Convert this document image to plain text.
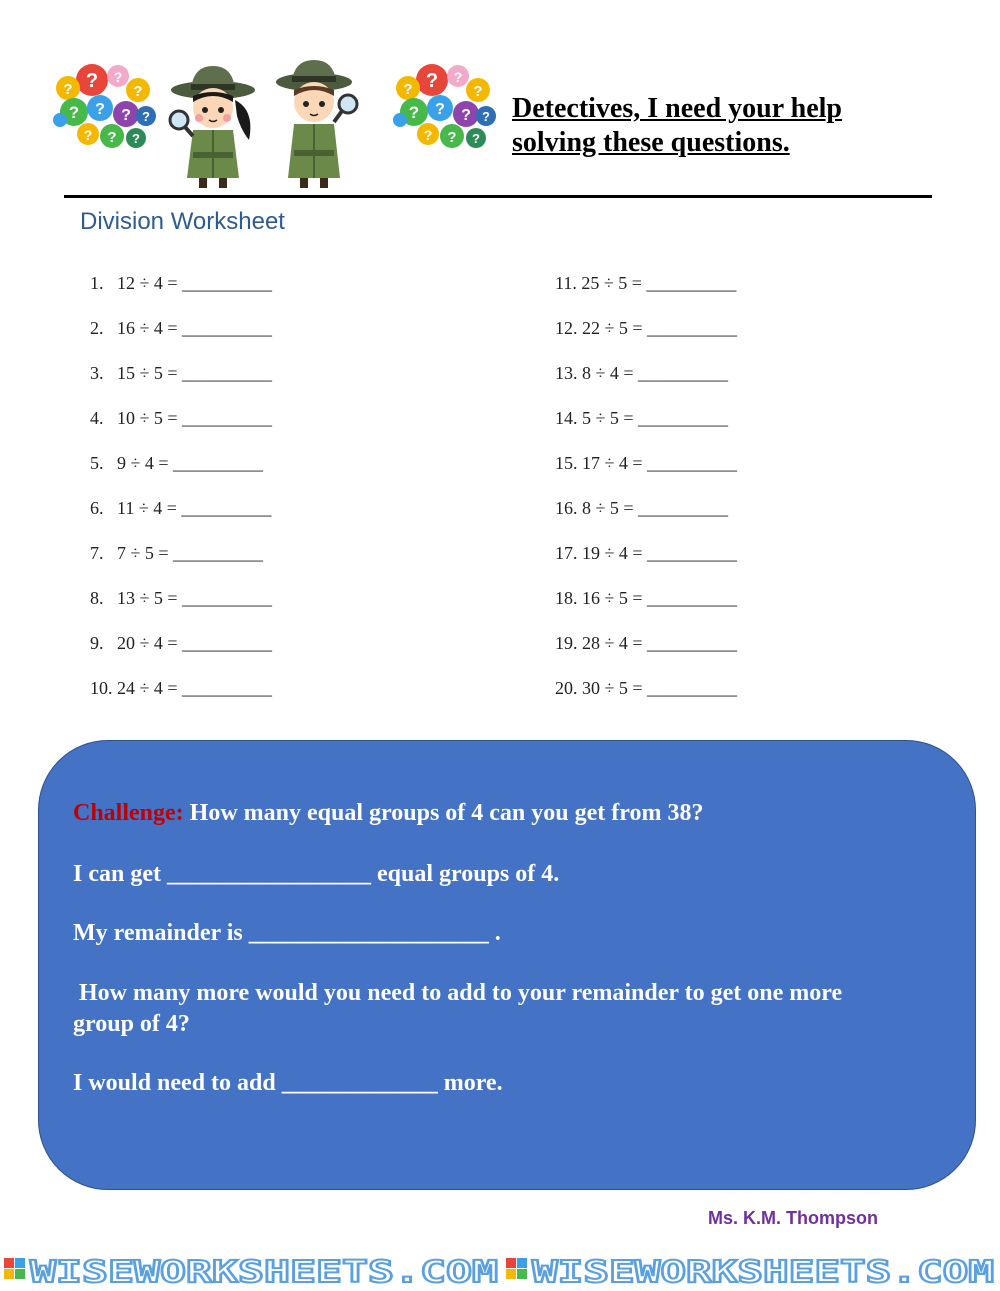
?
?
?
?
? ? ? ?
? ? ?
?
?
?
?
? ? ? ?
? ? ?
Detectives, I need your help
solving these questions.
Division Worksheet
1.   12 ÷ 4 = __________
2.   16 ÷ 4 = __________
3.   15 ÷ 5 = __________
4.   10 ÷ 5 = __________
5.   9 ÷ 4 = __________
6.   11 ÷ 4 = __________
7.   7 ÷ 5 = __________
8.   13 ÷ 5 = __________
9.   20 ÷ 4 = __________
10. 24 ÷ 4 = __________
11. 25 ÷ 5 = __________
12. 22 ÷ 5 = __________
13. 8 ÷ 4 = __________
14. 5 ÷ 5 = __________
15. 17 ÷ 4 = __________
16. 8 ÷ 5 = __________
17. 19 ÷ 4 = __________
18. 16 ÷ 5 = __________
19. 28 ÷ 4 = __________
20. 30 ÷ 5 = __________
Challenge: How many equal groups of 4 can you get from 38?
I can get _________________ equal groups of 4.
My remainder is ____________________ .
How many more would you need to add to your remainder to get one more
group of 4?
I would need to add _____________ more.
Ms. K.M. Thompson
WISEWORKSHEETS.COM WISEWORKSHEETS.COM
